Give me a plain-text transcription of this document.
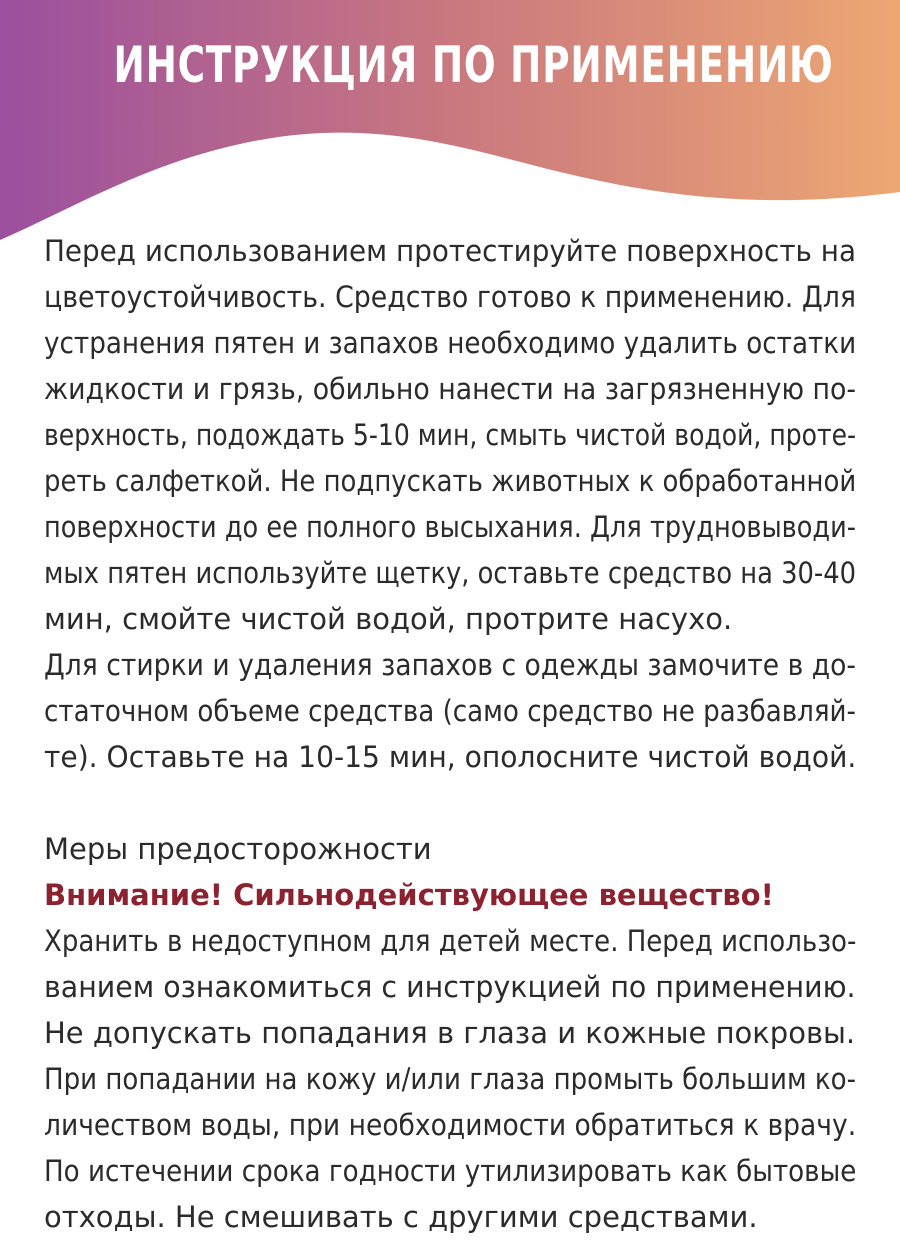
ИНСТРУКЦИЯ ПО ПРИМЕНЕНИЮ
Перед использованием протестируйте поверхность на
цветоустойчивость. Средство готово к применению. Для
устранения пятен и запахов необходимо удалить остатки
жидкости и грязь, обильно нанести на загрязненную по-
верхность, подождать 5-10 мин, смыть чистой водой, протe-
реть салфеткой. Не подпускать животных к обработанной
поверхности до ее полного высыхания. Для трудновыводи-
мых пятен используйте щетку, оставьте средство на 30-40
мин, смойте чистой водой, протрите насухо.
Для стирки и удаления запахов с одежды замочите в до-
статочном объеме средства (само средство не разбавляй-
те). Оставьте на 10-15 мин, ополосните чистой водой.
Меры предосторожности
Внимание! Сильнодействующее вещество!
Хранить в недоступном для детей месте. Перед использо-
ванием ознакомиться с инструкцией по применению.
Не допускать попадания в глаза и кожные покровы.
При попадании на кожу и/или глаза промыть большим ко-
личеством воды, при необходимости обратиться к врачу.
По истечении срока годности утилизировать как бытовые
отходы. Не смешивать с другими средствами.
